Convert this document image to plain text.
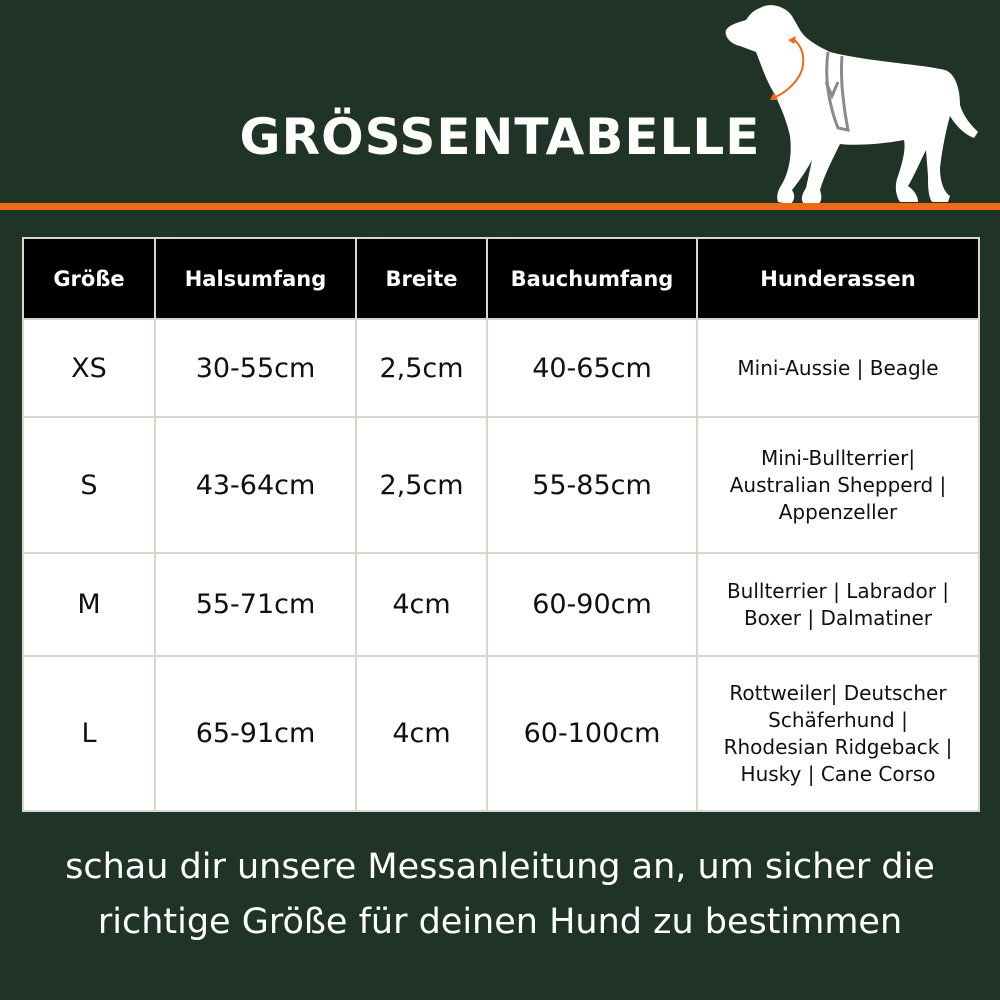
GRÖSSENTABELLE
Größe	Halsumfang	Breite	Bauchumfang	Hunderassen
XS	30-55cm	2,5cm	40-65cm	Mini-Aussie | Beagle

S	43-64cm	2,5cm	55-85cm	Mini-Bullterrier|
Australian Shepperd |
Appenzeller

M	55-71cm	4cm	60-90cm	Bullterrier | Labrador |
Boxer | Dalmatiner

L	65-91cm	4cm	60-100cm	Rottweiler| Deutscher
Schäferhund |
Rhodesian Ridgeback |
Husky | Cane Corso
schau dir unsere Messanleitung an, um sicher die
richtige Größe für deinen Hund zu bestimmen
